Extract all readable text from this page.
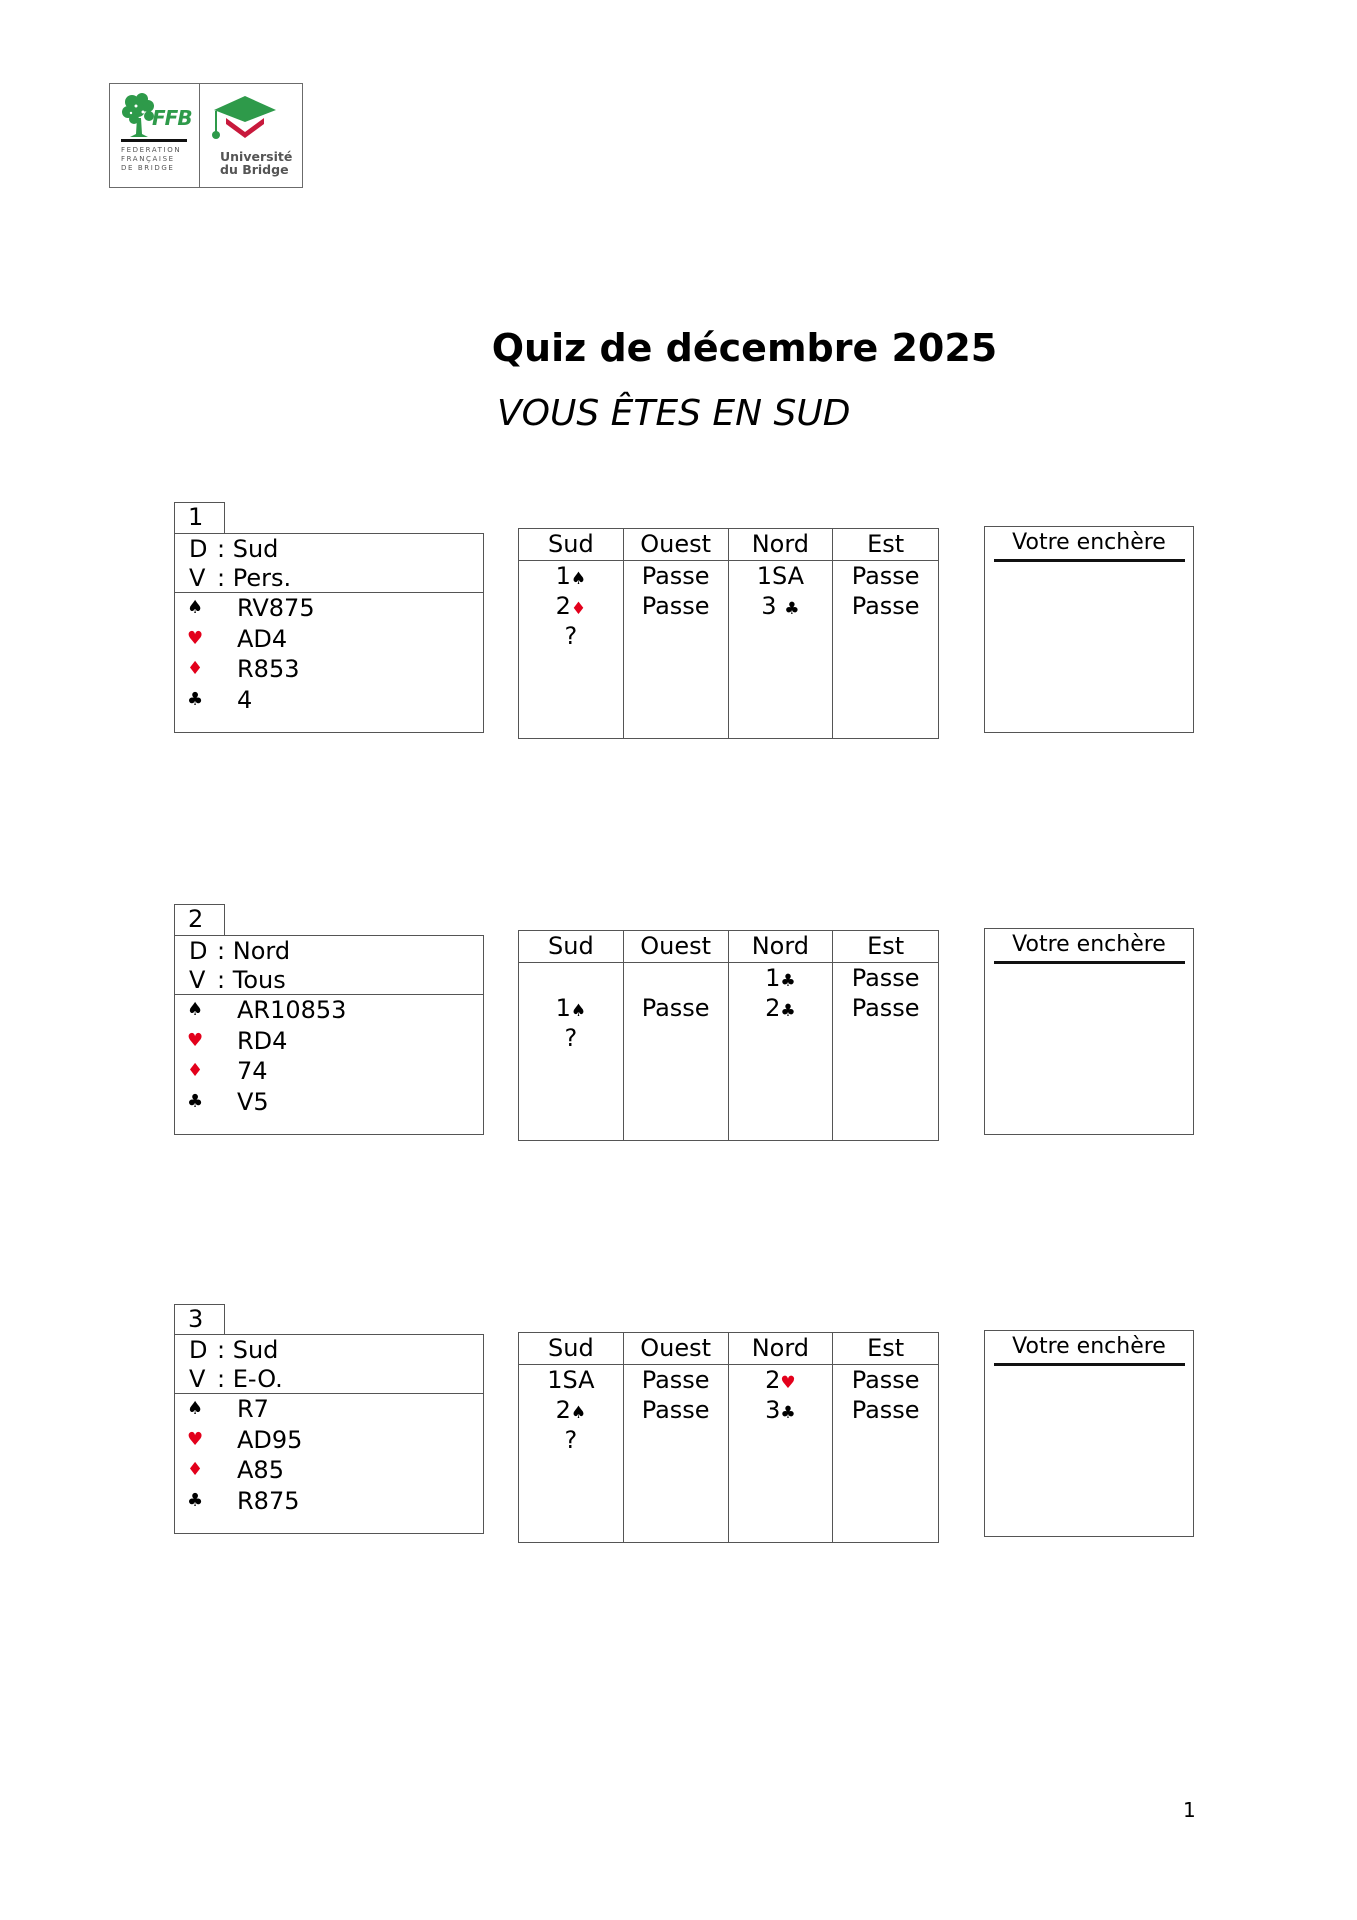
FFB
FEDERATION
FRANÇAISE
DE BRIDGE
Université
du Bridge
Quiz de décembre 2025
VOUS ÊTES EN SUD
1
D : Sud
V : Pers.
♠ RV875
♥ AD4
♦ R853
♣ 4
Sud
1♠
2♦
?
Ouest
Passe
Passe
Nord
1SA
3 ♣
Est
Passe
Passe
Votre enchère
2
D : Nord
V : Tous
♠ AR10853
♥ RD4
♦ 74
♣ V5
Sud
1♠
?
Ouest
Passe
Nord
1♣
2♣
Est
Passe
Passe
Votre enchère
3
D : Sud
V : E-O.
♠ R7
♥ AD95
♦ A85
♣ R875
Sud
1SA
2♠
?
Ouest
Passe
Passe
Nord
2♥
3♣
Est
Passe
Passe
Votre enchère
1
